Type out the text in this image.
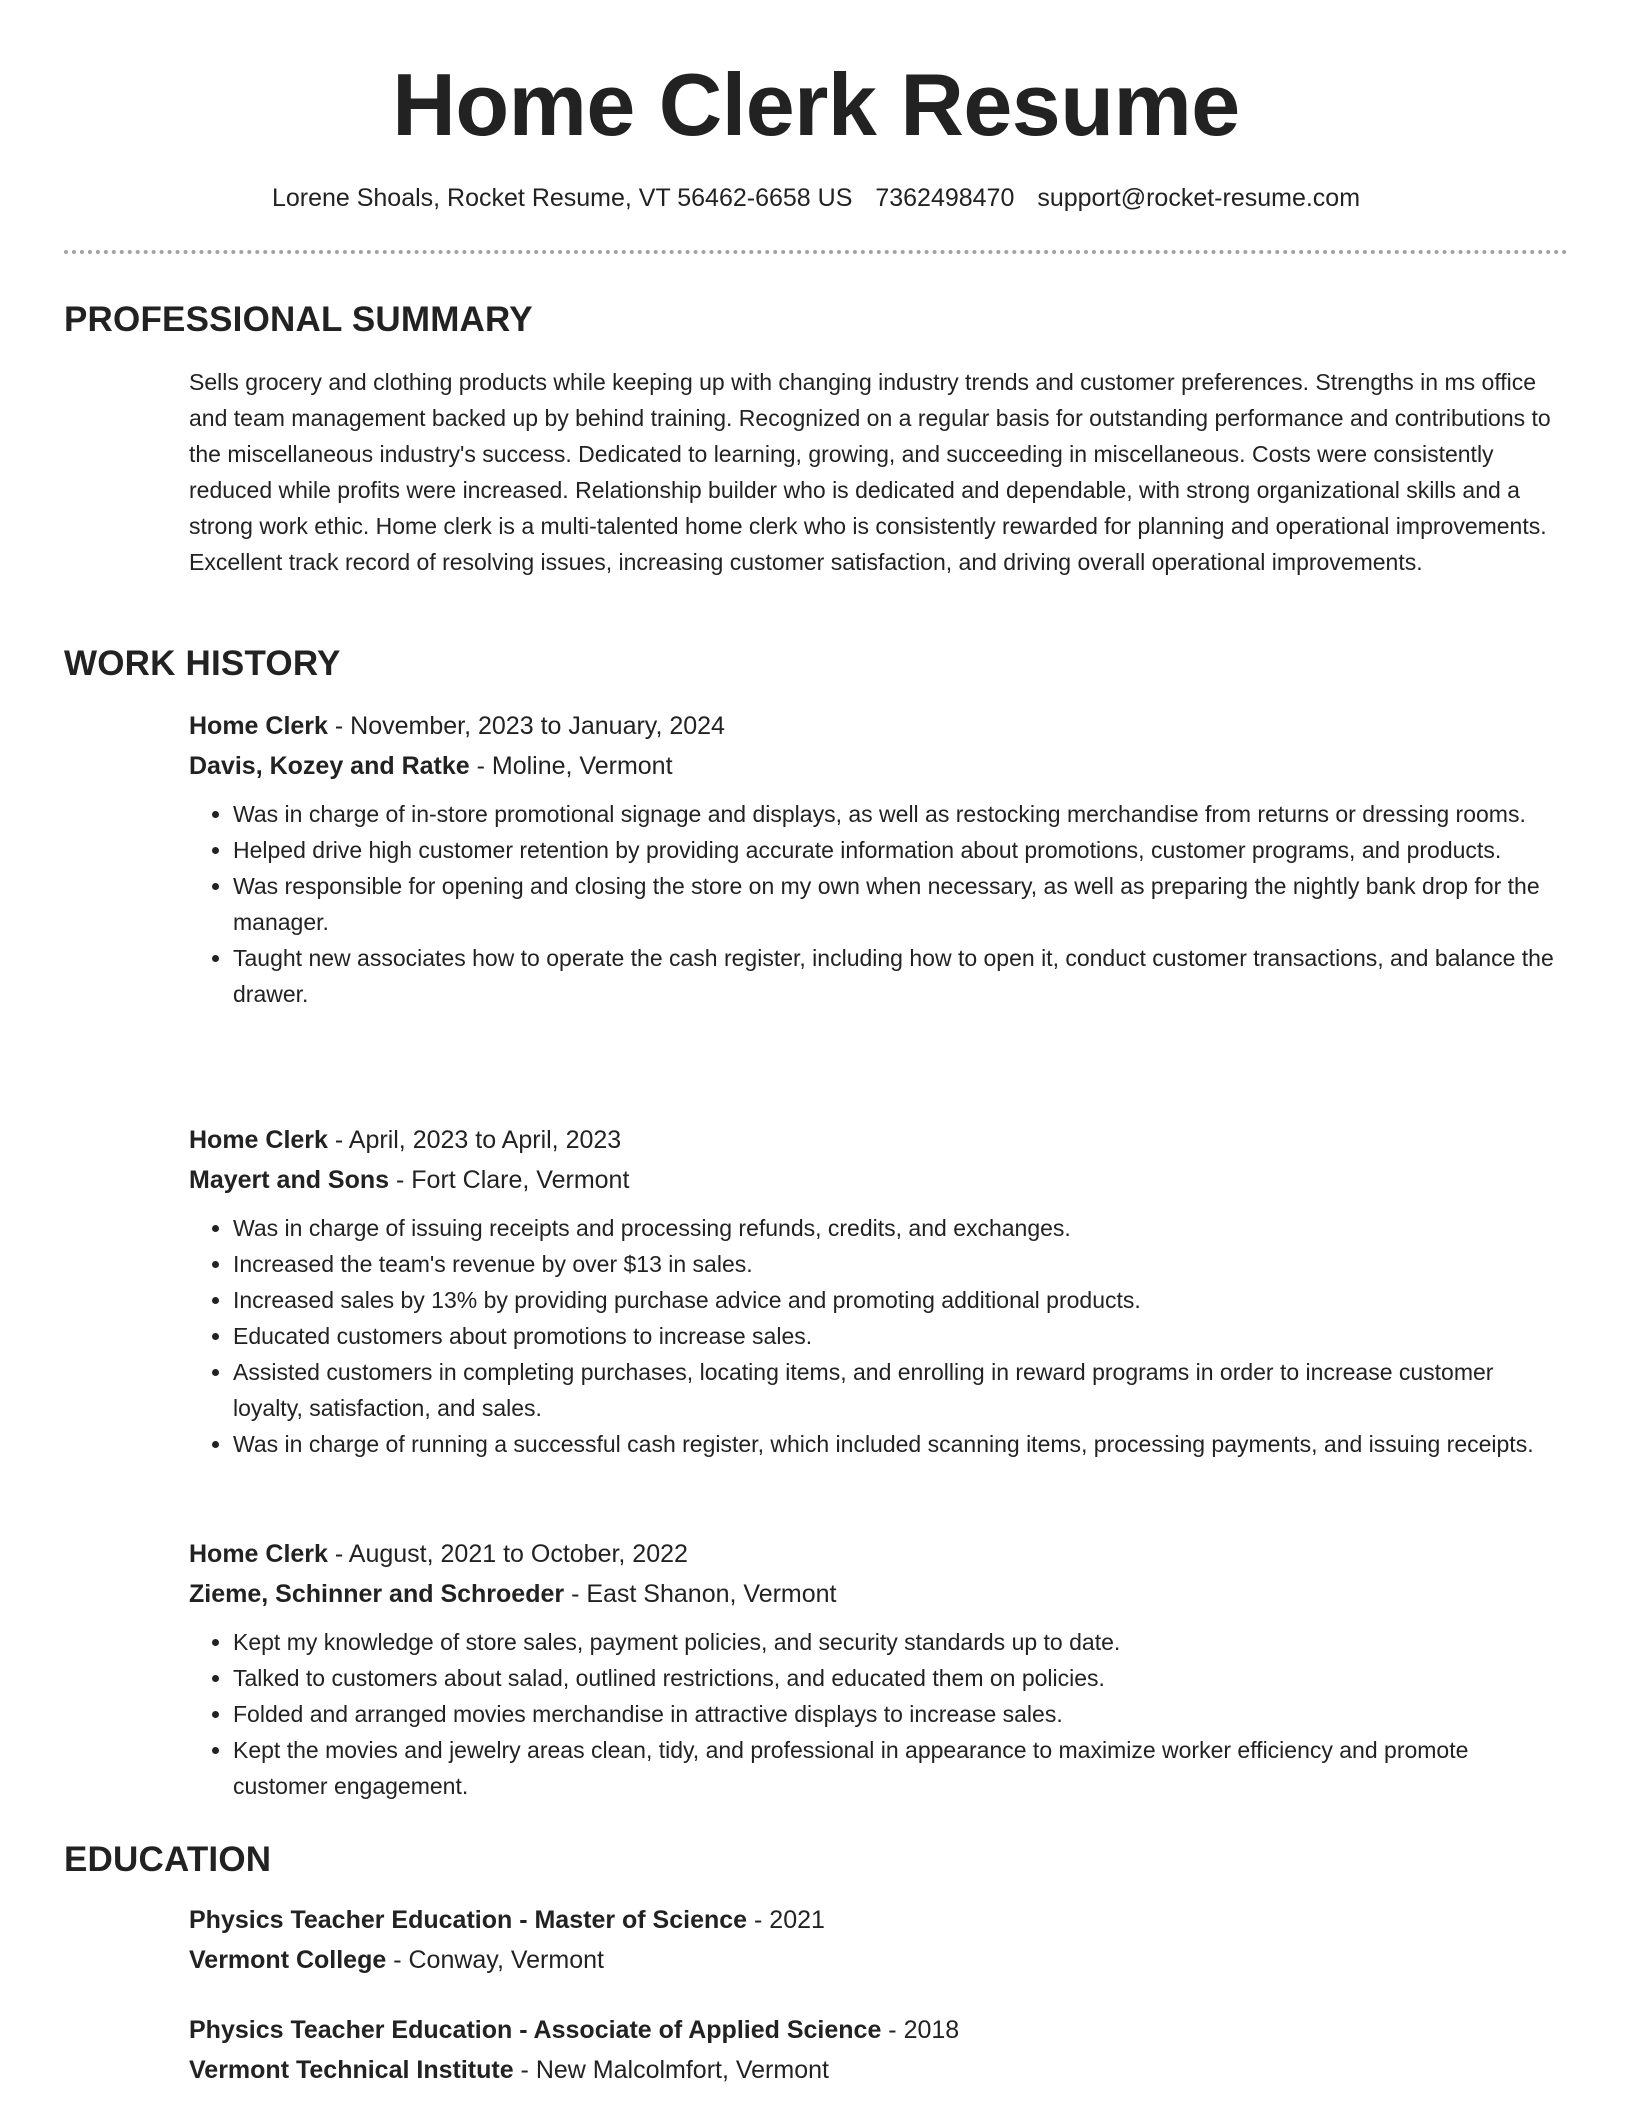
Home Clerk Resume
Lorene Shoals, Rocket Resume, VT 56462-6658 US 7362498470 support@rocket-resume.com
PROFESSIONAL SUMMARY

Sells grocery and clothing products while keeping up with changing industry trends and customer preferences. Strengths in ms office and team management backed up by behind training. Recognized on a regular basis for outstanding performance and contributions to the miscellaneous industry's success. Dedicated to learning, growing, and succeeding in miscellaneous. Costs were consistently reduced while profits were increased. Relationship builder who is dedicated and dependable, with strong organizational skills and a strong work ethic. Home clerk is a multi-talented home clerk who is consistently rewarded for planning and operational improvements. Excellent track record of resolving issues, increasing customer satisfaction, and driving overall operational improvements.

WORK HISTORY

Home Clerk - November, 2023 to January, 2024

Davis, Kozey and Ratke - Moline, Vermont

• Was in charge of in-store promotional signage and displays, as well as restocking merchandise from returns or dressing rooms.
• Helped drive high customer retention by providing accurate information about promotions, customer programs, and products.
• Was responsible for opening and closing the store on my own when necessary, as well as preparing the nightly bank drop for the manager.
• Taught new associates how to operate the cash register, including how to open it, conduct customer transactions, and balance the drawer.

Home Clerk - April, 2023 to April, 2023

Mayert and Sons - Fort Clare, Vermont

• Was in charge of issuing receipts and processing refunds, credits, and exchanges.
• Increased the team's revenue by over $13 in sales.
• Increased sales by 13% by providing purchase advice and promoting additional products.
• Educated customers about promotions to increase sales.
• Assisted customers in completing purchases, locating items, and enrolling in reward programs in order to increase customer loyalty, satisfaction, and sales.
• Was in charge of running a successful cash register, which included scanning items, processing payments, and issuing receipts.

Home Clerk - August, 2021 to October, 2022

Zieme, Schinner and Schroeder - East Shanon, Vermont

• Kept my knowledge of store sales, payment policies, and security standards up to date.
• Talked to customers about salad, outlined restrictions, and educated them on policies.
• Folded and arranged movies merchandise in attractive displays to increase sales.
• Kept the movies and jewelry areas clean, tidy, and professional in appearance to maximize worker efficiency and promote customer engagement.
EDUCATION

Physics Teacher Education - Master of Science - 2021

Vermont College - Conway, Vermont

Physics Teacher Education - Associate of Applied Science - 2018

Vermont Technical Institute - New Malcolmfort, Vermont
